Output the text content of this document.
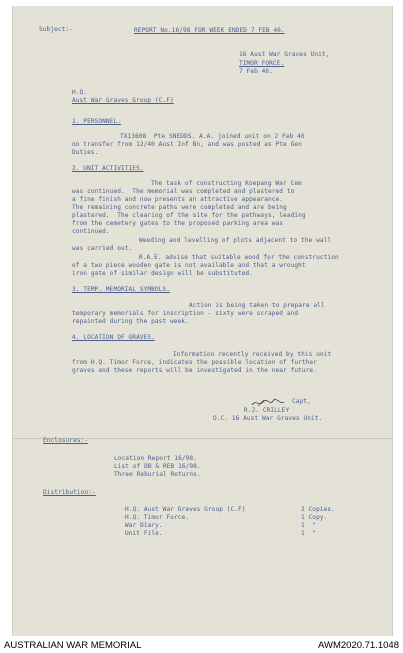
Subject:-	REPORT No.16/98 FOR WEEK ENDED 7 FEB 46.
16 Aust War Graves Unit,
TIMOR FORCE.
7 Feb 46.
H.Q.
Aust War Graves Group (C.F)
1. PERSONNEL.
TX13608  Pte SNEDDS. A.A. joined unit on 2 Feb 46
on transfer from 12/40 Aust Inf Bn, and was posted as Pte Gen
Duties.
2. UNIT ACTIVITIES.
The task of constructing Koepang War Cem
was continued.  The memorial was completed and plastered to
a fine finish and now presents an attractive appearance.
The remaining concrete paths were completed and are being
plastered.  The clearing of the site for the pathways, leading
from the cemetery gates to the proposed parking area was
continued.
Weeding and levelling of plots adjacent to the wall
was carried out.
R.A.E. advise that suitable wood for the construction
of a two piece wooden gate is not available and that a wrought
iron gate of similar design will be substituted.
3. TEMP. MEMORIAL SYMBOLS.
Action is being taken to prepare all
temporary memorials for inscription - sixty were scraped and
repainted during the past week.
4. LOCATION OF GRAVES.
Information recently received by this unit
from H.Q. Timor Force, indicates the possible location of further
graves and these reports will be investigated in the near future.
Capt,
R.J. CRILLEY
O.C. 16 Aust War Graves Unit.
Enclosures:-
Location Report 16/98.
List of DB & REB 16/98.
Three Reburial Returns.
Distribution:-
H.Q. Aust War Graves Group (C.F)	2 Copies.
H.Q. Timor Force.	1 Copy.
War Diary.	1  "
Unit File.	1  "
AUSTRALIAN WAR MEMORIAL	AWM2020.71.1048
